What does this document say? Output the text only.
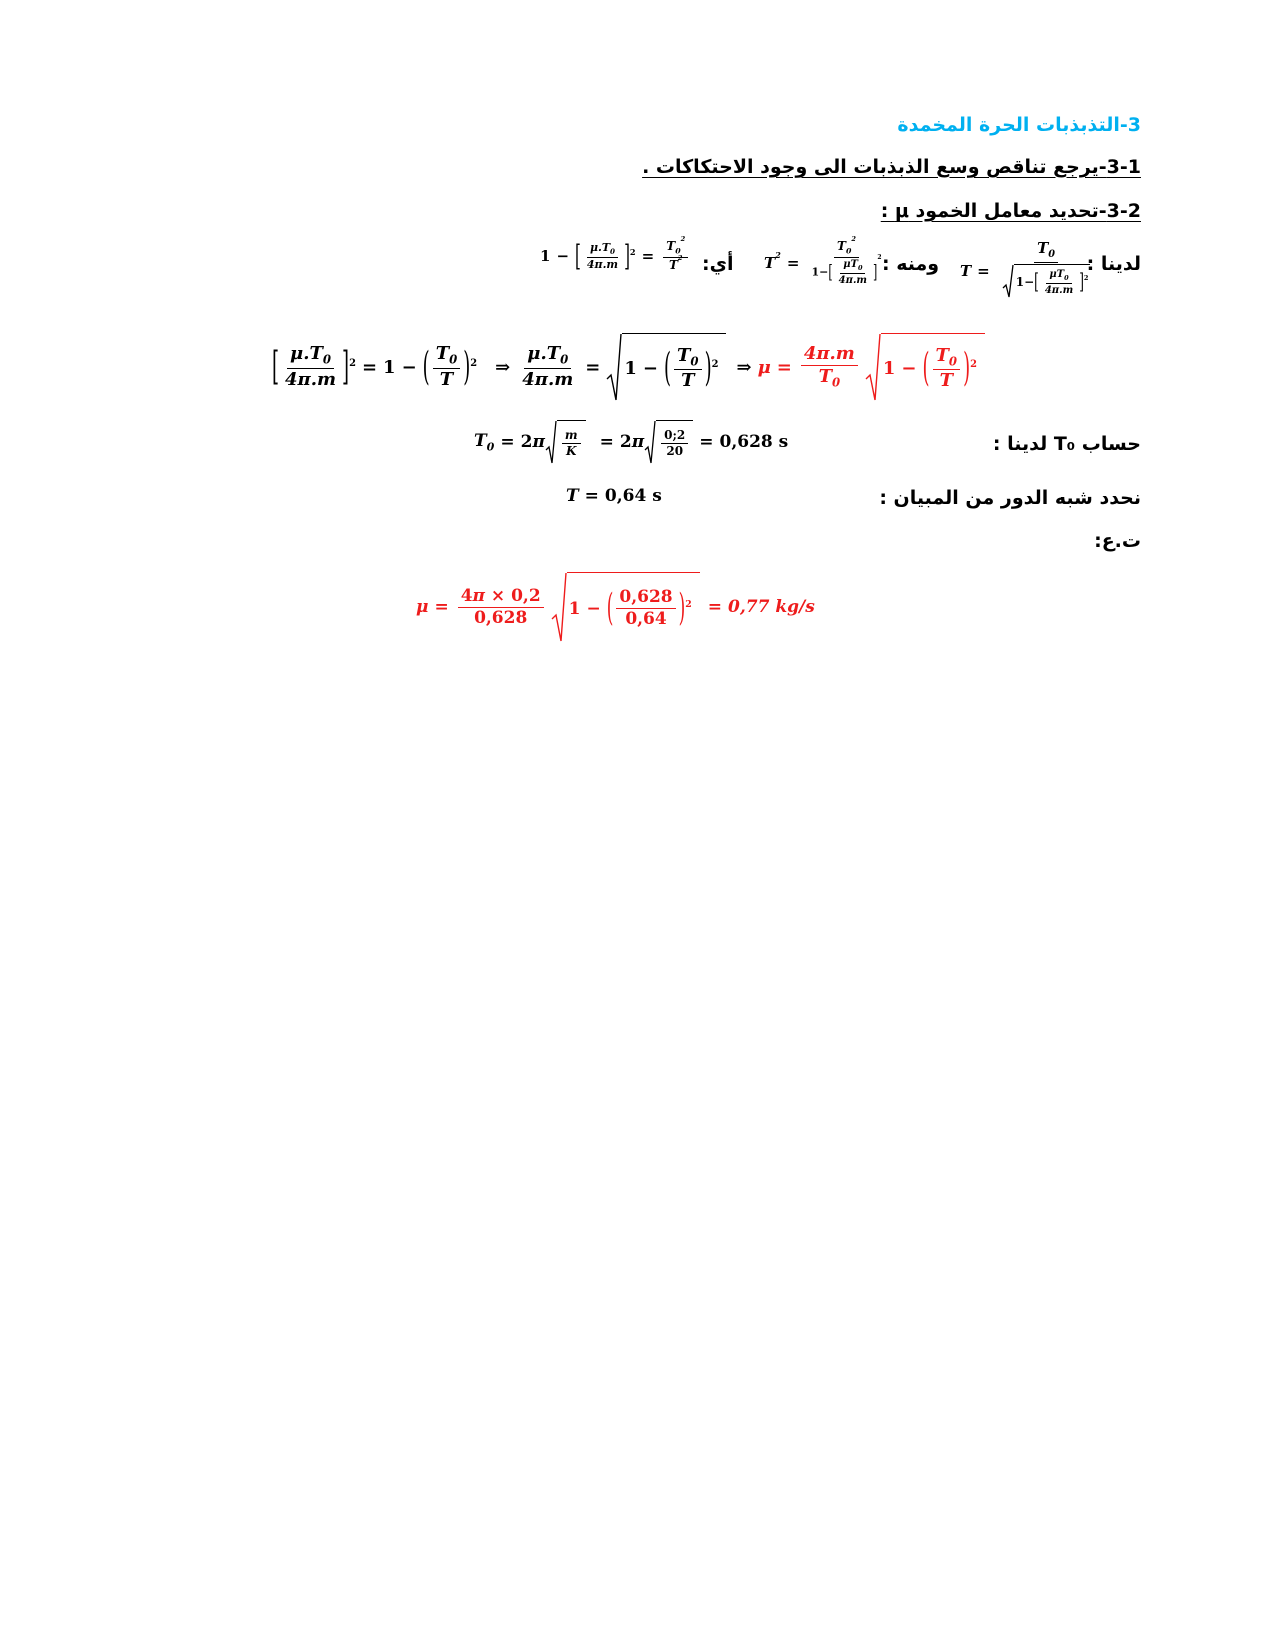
3-التذبذبات الحرة المخمدة
3-1-يرجع تناقص وسع الذبذبات الى وجود الاحتكاكات .
3-2-تحديد معامل الخمود μ :
لدينا :
$T = \frac{T_0}{1- [ \frac{\mu T_0}{4\pi.m} ]^2}$
ومنه :
$T^2 = \frac{T_0^2}{1-[ \frac{\mu T_0}{4\pi.m} ]^2}$
أي:
1 − [ $\frac{\mu.T_0}{4\pi.m} ]^2 = \frac{T_0^2}{T^2}$
[ $\frac{\mu.T_0}{4\pi.m} ]^2 = 1$ − ( $\frac{T_0}{T} )^2$ ⇒ $\frac{\mu.T_0}{4\pi.m} = 1$ − ( $\frac{T_0}{T} )^2$ ⇒ $\mu = \frac{4\pi.m}{T_0} 1$ − ( $\frac{T_0}{T} )^2$
حساب T₀ لدينا :
$T_0 = 2\pi \frac{m}{K} = 2\pi \frac{0;2}{20} = 0,628$ s
نحدد شبه الدور من المبيان :
T = 0,64 s
ت.ع:
$\mu = \frac{4\pi \times 0,2}{0,628} 1$ − ( $\frac{0,628}{0,64} )^2 = 0,77$ kg/s
